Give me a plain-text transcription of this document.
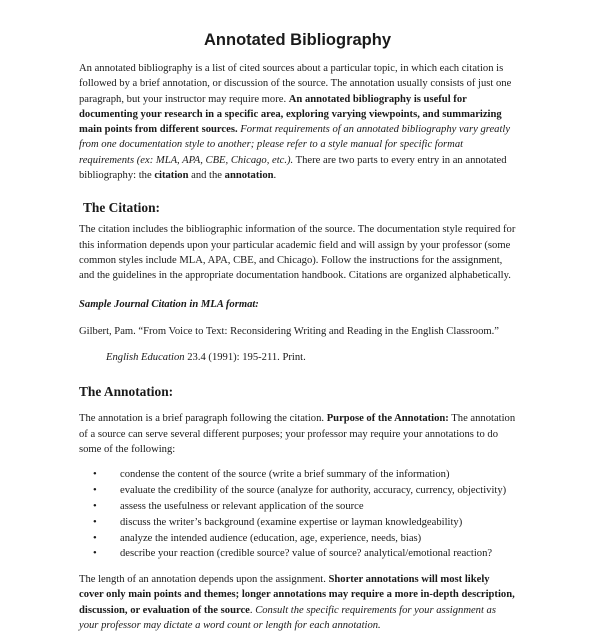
Annotated Bibliography

An annotated bibliography is a list of cited sources about a particular topic, in which each citation is followed by a brief annotation, or discussion of the source. The annotation usually consists of just one paragraph, but your instructor may require more. An annotated bibliography is useful for documenting your research in a specific area, exploring varying viewpoints, and summarizing main points from different sources. Format requirements of an annotated bibliography vary greatly from one documentation style to another; please refer to a style manual for specific format requirements (ex: MLA, APA, CBE, Chicago, etc.). There are two parts to every entry in an annotated bibliography: the citation and the annotation.

The Citation:

The citation includes the bibliographic information of the source. The documentation style required for this information depends upon your particular academic field and will assign by your professor (some common styles include MLA, APA, CBE, and Chicago). Follow the instructions for the assignment, and the guidelines in the appropriate documentation handbook. Citations are organized alphabetically.

Sample Journal Citation in MLA format:

Gilbert, Pam. “From Voice to Text: Reconsidering Writing and Reading in the English Classroom.”

English Education 23.4 (1991): 195-211. Print.

The Annotation:

The annotation is a brief paragraph following the citation. Purpose of the Annotation: The annotation of a source can serve several different purposes; your professor may require your annotations to do some of the following:

• condense the content of the source (write a brief summary of the information)
• evaluate the credibility of the source (analyze for authority, accuracy, currency, objectivity)
• assess the usefulness or relevant application of the source
• discuss the writer’s background (examine expertise or layman knowledgeability)
• analyze the intended audience (education, age, experience, needs, bias)
• describe your reaction (credible source? value of source? analytical/emotional reaction?

The length of an annotation depends upon the assignment. Shorter annotations will most likely cover only main points and themes; longer annotations may require a more in-depth description, discussion, or evaluation of the source. Consult the specific requirements for your assignment as your professor may dictate a word count or length for each annotation.
